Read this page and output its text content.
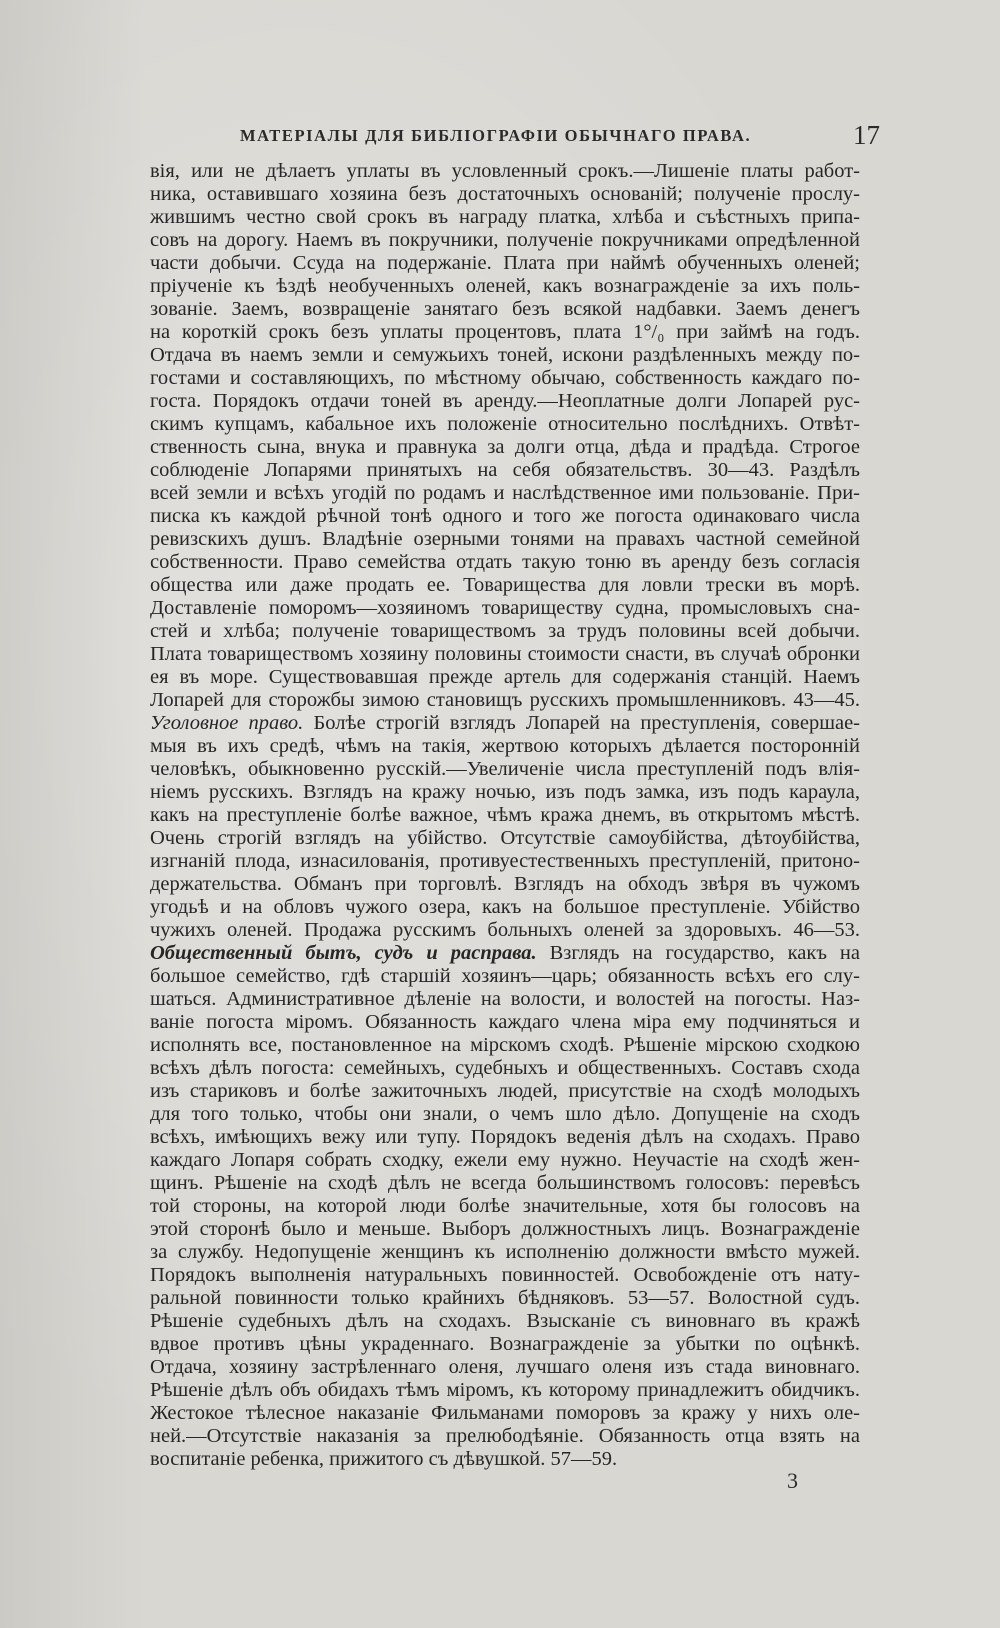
МАТЕРІАЛЫ ДЛЯ БИБЛІОГРАФІИ ОБЫЧНАГО ПРАВА.	17
вія, или не дѣлаетъ уплаты въ условленный срокъ.—Лишеніе платы работ-
ника, оставившаго хозяина безъ достаточныхъ основаній; полученіе прослу-
жившимъ честно свой срокъ въ награду платка, хлѣба и съѣстныхъ припа-
совъ на дорогу. Наемъ въ покручники, полученіе покручниками опредѣленной
части добычи. Ссуда на подержаніе. Плата при наймѣ обученныхъ оленей;
пріученіе къ ѣздѣ необученныхъ оленей, какъ вознагражденіе за ихъ поль-
зованіе. Заемъ, возвращеніе занятаго безъ всякой надбавки. Заемъ денегъ
на короткій срокъ безъ уплаты процентовъ, плата 1°/₀ при займѣ на годъ.
Отдача въ наемъ земли и семужьихъ тоней, искони раздѣленныхъ между по-
гостами и составляющихъ, по мѣстному обычаю, собственность каждаго по-
госта. Порядокъ отдачи тоней въ аренду.—Неоплатные долги Лопарей рус-
скимъ купцамъ, кабальное ихъ положеніе относительно послѣднихъ. Отвѣт-
ственность сына, внука и правнука за долги отца, дѣда и прадѣда. Строгое
соблюденіе Лопарями принятыхъ на себя обязательствъ. 30—43. Раздѣлъ
всей земли и всѣхъ угодій по родамъ и наслѣдственное ими пользованіе. При-
писка къ каждой рѣчной тонѣ одного и того же погоста одинаковаго числа
ревизскихъ душъ. Владѣніе озерными тонями на правахъ частной семейной
собственности. Право семейства отдать такую тоню въ аренду безъ согласія
общества или даже продать ее. Товарищества для ловли трески въ морѣ.
Доставленіе поморомъ—хозяиномъ товариществу судна, промысловыхъ сна-
стей и хлѣба; полученіе товариществомъ за трудъ половины всей добычи.
Плата товариществомъ хозяину половины стоимости снасти, въ случаѣ обронки
ея въ море. Существовавшая прежде артель для содержанія станцій. Наемъ
Лопарей для сторожбы зимою становищъ русскихъ промышленниковъ. 43—45.
Уголовное право. Болѣе строгій взглядъ Лопарей на преступленія, совершае-
мыя въ ихъ средѣ, чѣмъ на такія, жертвою которыхъ дѣлается посторонній
человѣкъ, обыкновенно русскій.—Увеличеніе числа преступленій подъ влія-
ніемъ русскихъ. Взглядъ на кражу ночью, изъ подъ замка, изъ подъ караула,
какъ на преступленіе болѣе важное, чѣмъ кража днемъ, въ открытомъ мѣстѣ.
Очень строгій взглядъ на убійство. Отсутствіе самоубійства, дѣтоубійства,
изгнаній плода, изнасилованія, противуестественныхъ преступленій, притоно-
держательства. Обманъ при торговлѣ. Взглядъ на обходъ звѣря въ чужомъ
угодьѣ и на обловъ чужого озера, какъ на большое преступленіе. Убійство
чужихъ оленей. Продажа русскимъ больныхъ оленей за здоровыхъ. 46—53.
Общественный бытъ, судъ и расправа. Взглядъ на государство, какъ на
большое семейство, гдѣ старшій хозяинъ—царь; обязанность всѣхъ его слу-
шаться. Административное дѣленіе на волости, и волостей на погосты. Наз-
ваніе погоста міромъ. Обязанность каждаго члена міра ему подчиняться и
исполнять все, постановленное на мірскомъ сходѣ. Рѣшеніе мірскою сходкою
всѣхъ дѣлъ погоста: семейныхъ, судебныхъ и общественныхъ. Составъ схода
изъ стариковъ и болѣе зажиточныхъ людей, присутствіе на сходѣ молодыхъ
для того только, чтобы они знали, о чемъ шло дѣло. Допущеніе на сходъ
всѣхъ, имѣющихъ вежу или тупу. Порядокъ веденія дѣлъ на сходахъ. Право
каждаго Лопаря собрать сходку, ежели ему нужно. Неучастіе на сходѣ жен-
щинъ. Рѣшеніе на сходѣ дѣлъ не всегда большинствомъ голосовъ: перевѣсъ
той стороны, на которой люди болѣе значительные, хотя бы голосовъ на
этой сторонѣ было и меньше. Выборъ должностныхъ лицъ. Вознагражденіе
за службу. Недопущеніе женщинъ къ исполненію должности вмѣсто мужей.
Порядокъ выполненія натуральныхъ повинностей. Освобожденіе отъ нату-
ральной повинности только крайнихъ бѣдняковъ. 53—57. Волостной судъ.
Рѣшеніе судебныхъ дѣлъ на сходахъ. Взысканіе съ виновнаго въ кражѣ
вдвое противъ цѣны украденнаго. Вознагражденіе за убытки по оцѣнкѣ.
Отдача, хозяину застрѣленнаго оленя, лучшаго оленя изъ стада виновнаго.
Рѣшеніе дѣлъ объ обидахъ тѣмъ міромъ, къ которому принадлежитъ обидчикъ.
Жестокое тѣлесное наказаніе Фильманами поморовъ за кражу у нихъ оле-
ней.—Отсутствіе наказанія за прелюбодѣяніе. Обязанность отца взять на
воспитаніе ребенка, прижитого съ дѣвушкой. 57—59.
3
